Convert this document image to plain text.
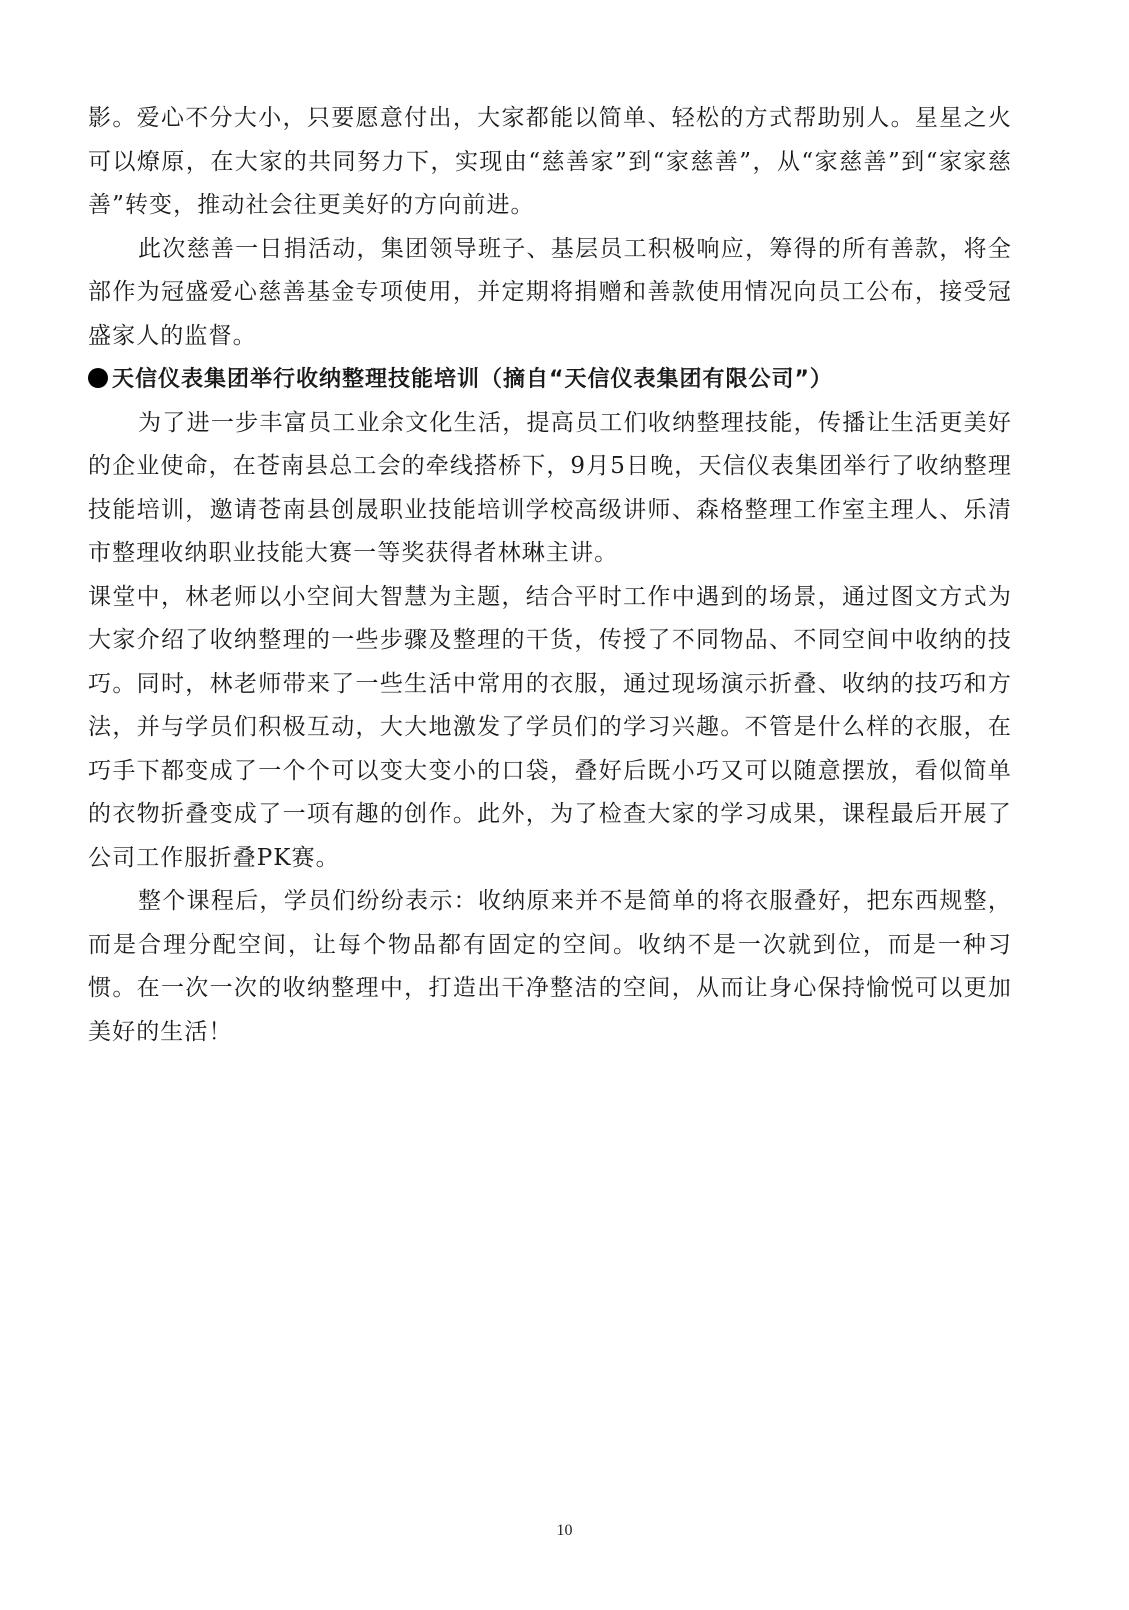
影。爱心不分大小，只要愿意付出，大家都能以简单、轻松的方式帮助别人。星星之火可以燎原，在大家的共同努力下，实现由“慈善家”到“家慈善”，从“家慈善”到“家家慈善”转变，推动社会往更美好的方向前进。

此次慈善一日捐活动，集团领导班子、基层员工积极响应，筹得的所有善款，将全部作为冠盛爱心慈善基金专项使用，并定期将捐赠和善款使用情况向员工公布，接受冠盛家人的监督。

天信仪表集团举行收纳整理技能培训（摘自“天信仪表集团有限公司”）

为了进一步丰富员工业余文化生活，提高员工们收纳整理技能，传播让生活更美好的企业使命，在苍南县总工会的牵线搭桥下，9月5日晚，天信仪表集团举行了收纳整理技能培训，邀请苍南县创晟职业技能培训学校高级讲师、森格整理工作室主理人、乐清市整理收纳职业技能大赛一等奖获得者林琳主讲。

课堂中，林老师以小空间大智慧为主题，结合平时工作中遇到的场景，通过图文方式为大家介绍了收纳整理的一些步骤及整理的干货，传授了不同物品、不同空间中收纳的技巧。同时，林老师带来了一些生活中常用的衣服，通过现场演示折叠、收纳的技巧和方法，并与学员们积极互动，大大地激发了学员们的学习兴趣。不管是什么样的衣服，在巧手下都变成了一个个可以变大变小的口袋，叠好后既小巧又可以随意摆放，看似简单的衣物折叠变成了一项有趣的创作。此外，为了检查大家的学习成果，课程最后开展了公司工作服折叠PK赛。

整个课程后，学员们纷纷表示：收纳原来并不是简单的将衣服叠好，把东西规整，而是合理分配空间，让每个物品都有固定的空间。收纳不是一次就到位，而是一种习惯。在一次一次的收纳整理中，打造出干净整洁的空间，从而让身心保持愉悦可以更加美好的生活！

10
